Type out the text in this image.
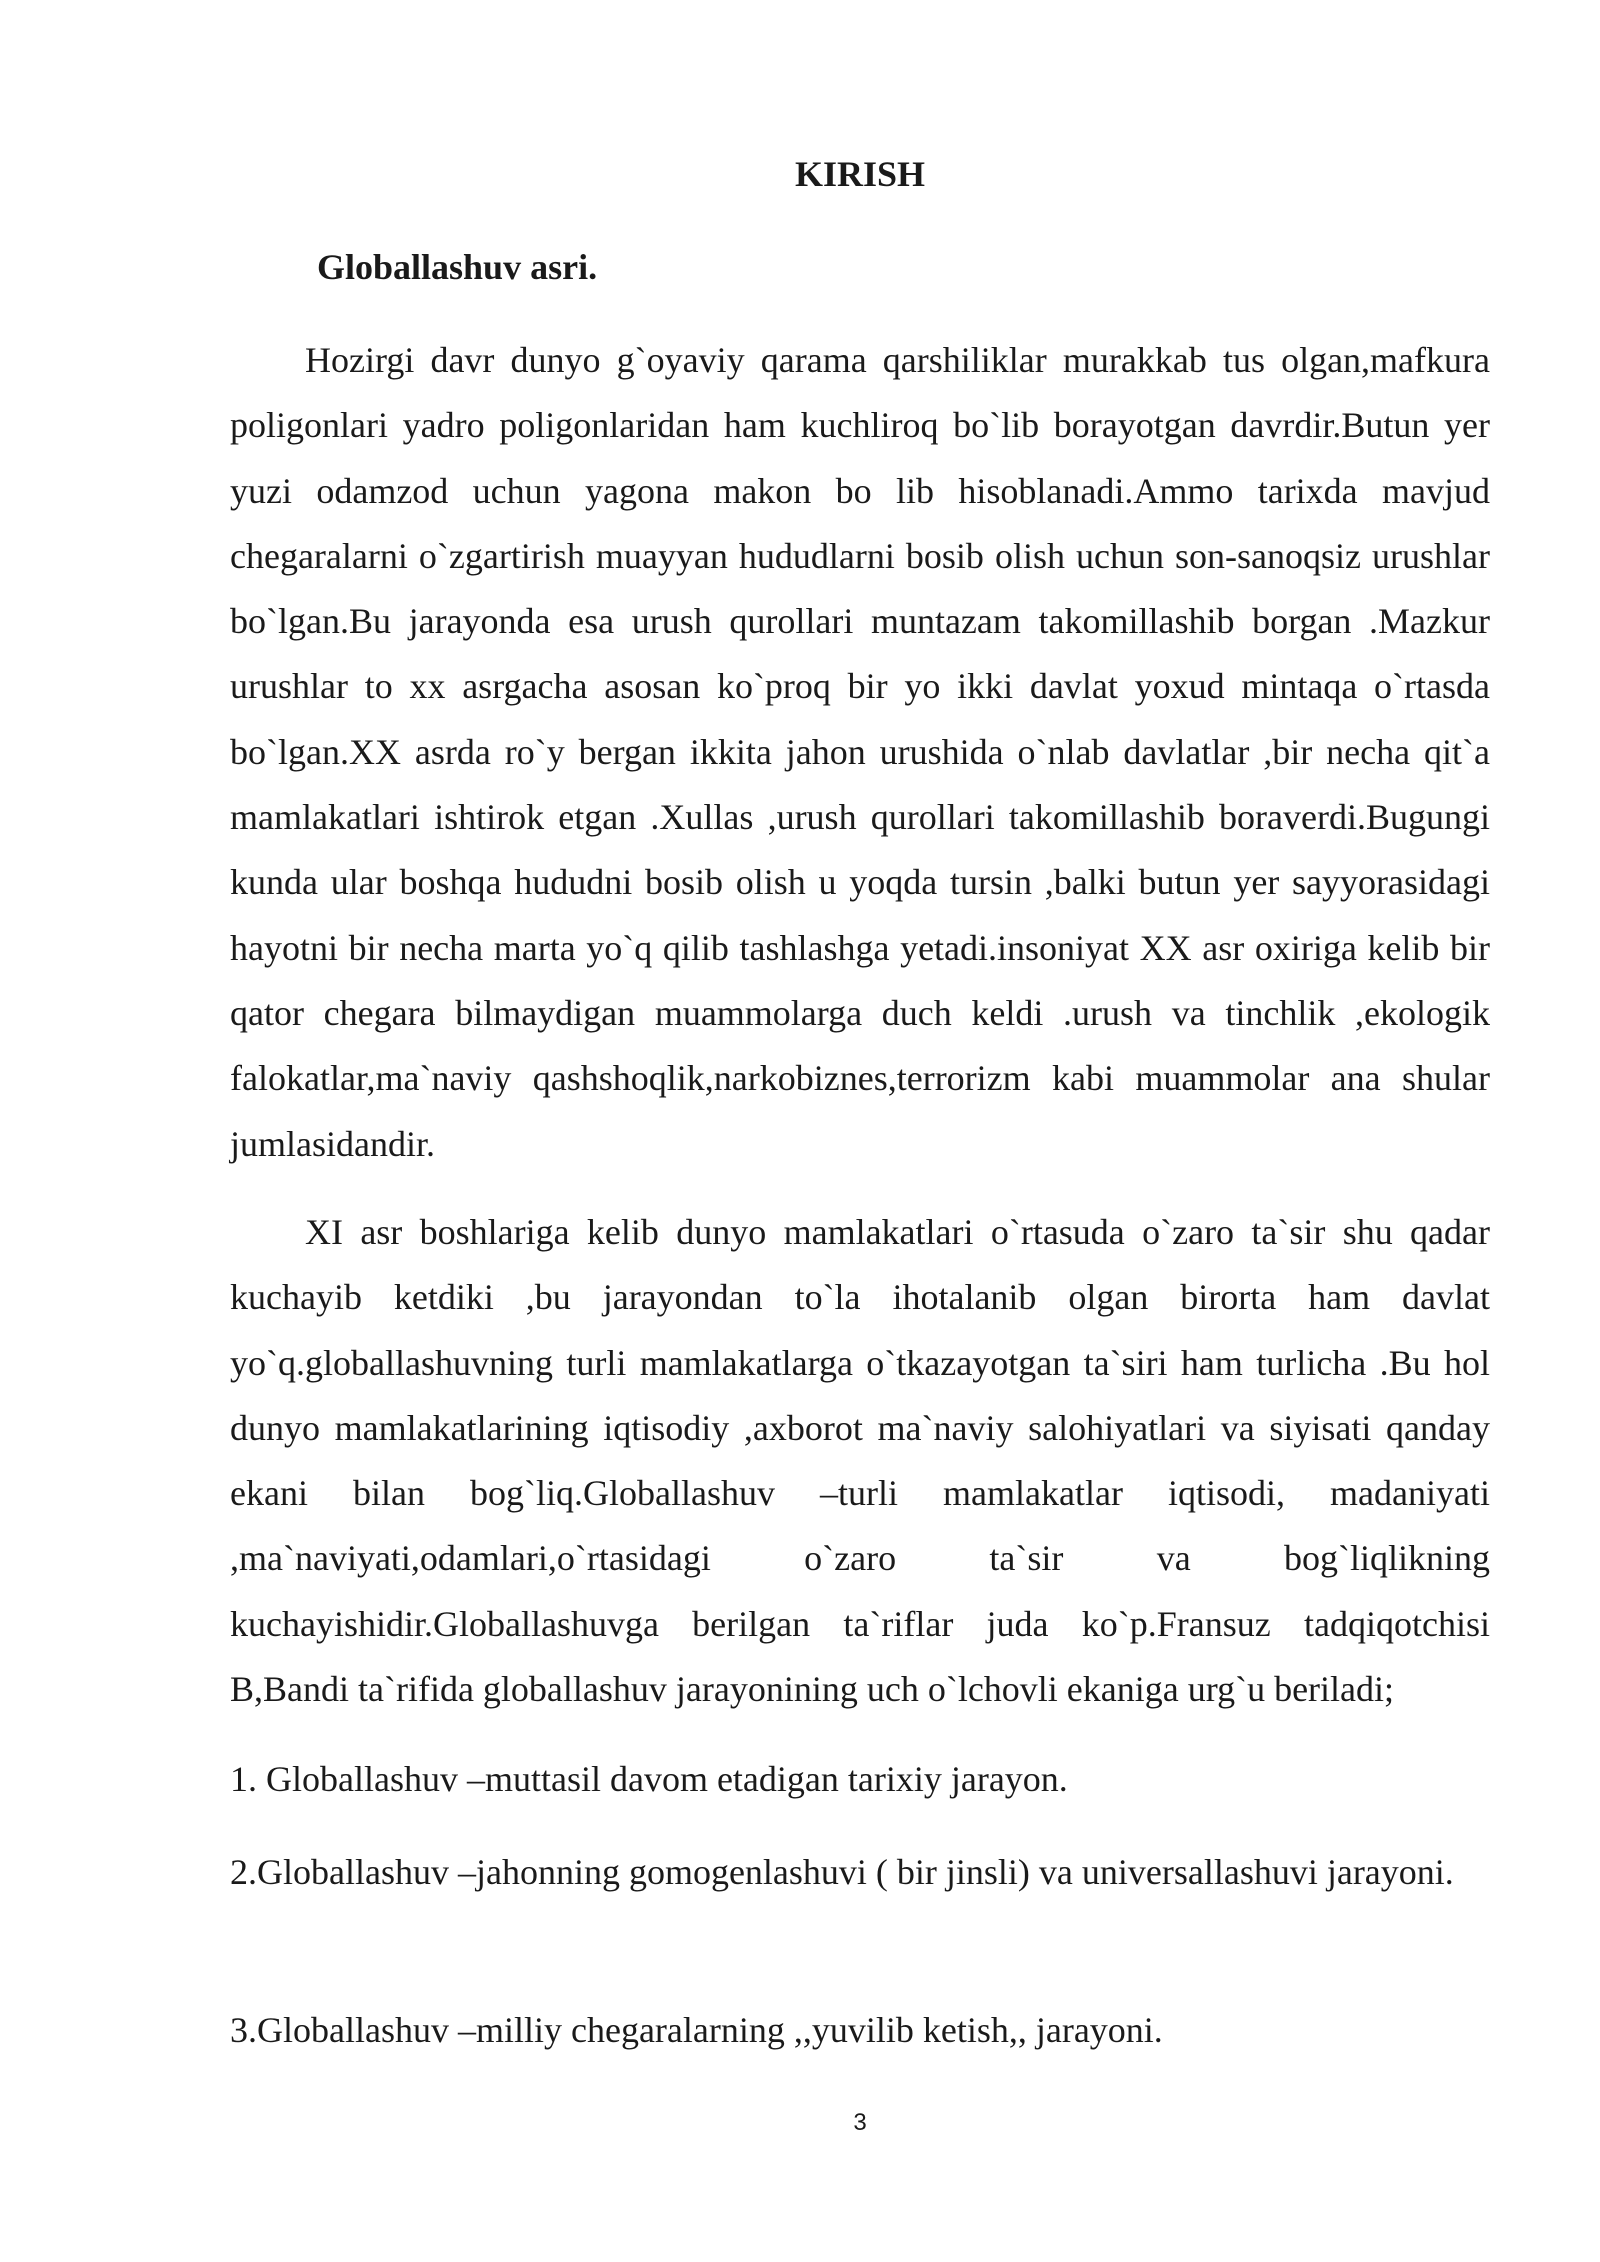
KIRISH
Globallashuv asri.

Hozirgi davr dunyo g`oyaviy qarama qarshiliklar murakkab tus olgan,mafkura poligonlari yadro poligonlaridan ham kuchliroq bo`lib borayotgan davrdir.Butun yer yuzi odamzod uchun yagona makon bo lib hisoblanadi.Ammo tarixda mavjud chegaralarni o`zgartirish muayyan hududlarni bosib olish uchun son-sanoqsiz urushlar bo`lgan.Bu jarayonda esa urush qurollari muntazam takomillashib borgan .Mazkur urushlar to xx asrgacha asosan ko`proq bir yo ikki davlat yoxud mintaqa o`rtasda bo`lgan.XX asrda ro`y bergan ikkita jahon urushida o`nlab davlatlar ,bir necha qit`a mamlakatlari ishtirok etgan .Xullas ,urush qurollari takomillashib boraverdi.Bugungi kunda ular boshqa hududni bosib olish u yoqda tursin ,balki butun yer sayyorasidagi hayotni bir necha marta yo`q qilib tashlashga yetadi.insoniyat XX asr oxiriga kelib bir qator chegara bilmaydigan muammolarga duch keldi .urush va tinchlik ,ekologik falokatlar,ma`naviy qashshoqlik,narkobiznes,terrorizm kabi muammolar ana shular jumlasidandir.

XI asr boshlariga kelib dunyo mamlakatlari o`rtasuda o`zaro ta`sir shu qadar kuchayib ketdiki ,bu jarayondan to`la ihotalanib olgan birorta ham davlat yo`q.globallashuvning turli mamlakatlarga o`tkazayotgan ta`siri ham turlicha .Bu hol dunyo mamlakatlarining iqtisodiy ,axborot ma`naviy salohiyatlari va siyisati qanday ekani bilan bog`liq.Globallashuv –turli mamlakatlar iqtisodi, madaniyati ,ma`naviyati,odamlari,o`rtasidagi o`zaro ta`sir va bog`liqlikning kuchayishidir.Globallashuvga berilgan ta`riflar juda ko`p.Fransuz tadqiqotchisi B,Bandi ta`rifida globallashuv jarayonining uch o`lchovli ekaniga urg`u beriladi;

1. Globallashuv –muttasil davom etadigan tarixiy jarayon.

2.Globallashuv –jahonning gomogenlashuvi ( bir jinsli) va universallashuvi jarayoni.

3.Globallashuv –milliy chegaralarning ,,yuvilib ketish,, jarayoni.

3
